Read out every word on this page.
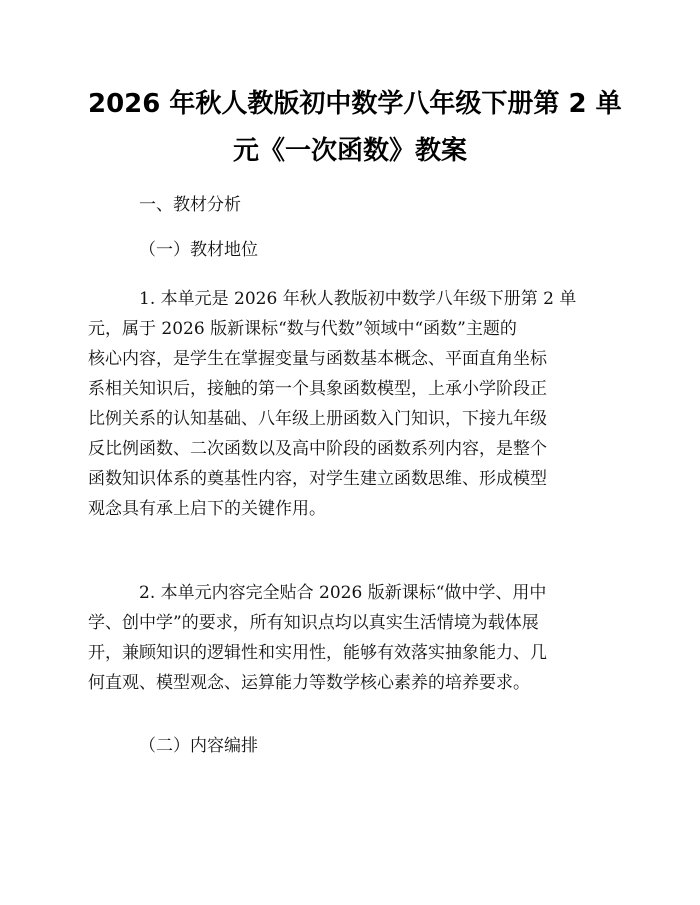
2026 年秋人教版初中数学八年级下册第 2 单
元《一次函数》教案
一、教材分析
（一）教材地位
1. 本单元是 2026 年秋人教版初中数学八年级下册第 2 单
元，属于 2026 版新课标“数与代数”领域中“函数”主题的
核心内容，是学生在掌握变量与函数基本概念、平面直角坐标
系相关知识后，接触的第一个具象函数模型，上承小学阶段正
比例关系的认知基础、八年级上册函数入门知识，下接九年级
反比例函数、二次函数以及高中阶段的函数系列内容，是整个
函数知识体系的奠基性内容，对学生建立函数思维、形成模型
观念具有承上启下的关键作用。
2. 本单元内容完全贴合 2026 版新课标“做中学、用中
学、创中学”的要求，所有知识点均以真实生活情境为载体展
开，兼顾知识的逻辑性和实用性，能够有效落实抽象能力、几
何直观、模型观念、运算能力等数学核心素养的培养要求。
（二）内容编排
